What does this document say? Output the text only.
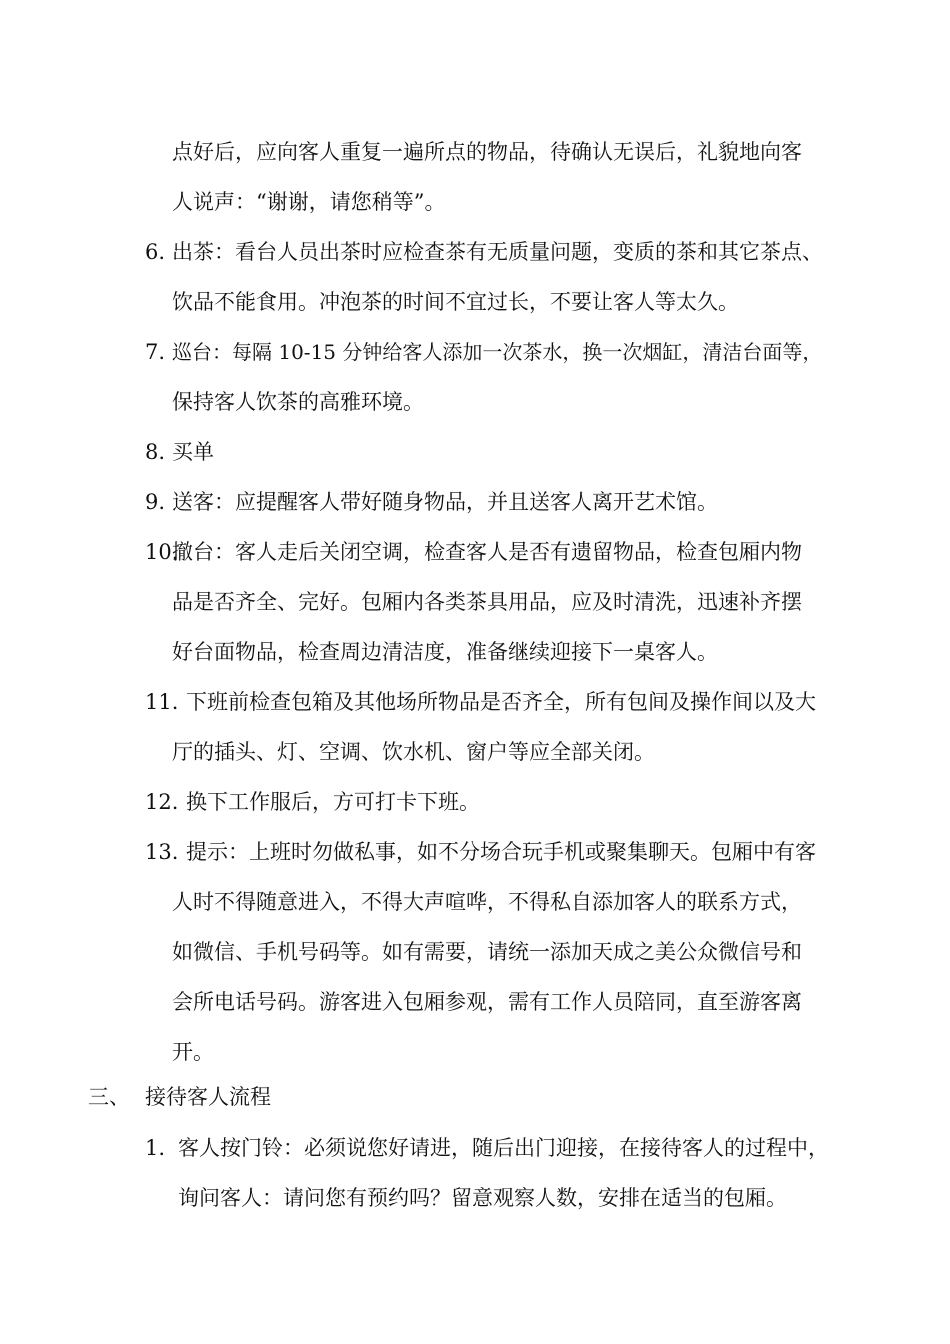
点好后，应向客人重复一遍所点的物品，待确认无误后，礼貌地向客
人说声：“谢谢，请您稍等”。
6. 出茶：看台人员出茶时应检查茶有无质量问题，变质的茶和其它茶点、
饮品不能食用。冲泡茶的时间不宜过长，不要让客人等太久。
7. 巡台：每隔 10-15 分钟给客人添加一次茶水，换一次烟缸，清洁台面等，
保持客人饮茶的高雅环境。
8. 买单
9. 送客：应提醒客人带好随身物品，并且送客人离开艺术馆。
10.
撤台：客人走后关闭空调，检查客人是否有遗留物品，检查包厢内物
品是否齐全、完好。包厢内各类茶具用品，应及时清洗，迅速补齐摆
好台面物品，检查周边清洁度，准备继续迎接下一桌客人。
11. 下班前检查包箱及其他场所物品是否齐全，所有包间及操作间以及大
厅的插头、灯、空调、饮水机、窗户等应全部关闭。
12. 换下工作服后，方可打卡下班。
13. 提示：上班时勿做私事，如不分场合玩手机或聚集聊天。包厢中有客
人时不得随意进入，不得大声喧哗，不得私自添加客人的联系方式，
如微信、手机号码等。如有需要，请统一添加天成之美公众微信号和
会所电话号码。游客进入包厢参观，需有工作人员陪同，直至游客离
开。
三、 接待客人流程
1. 客人按门铃：必须说您好请进，随后出门迎接，在接待客人的过程中，
询问客人：请问您有预约吗？留意观察人数，安排在适当的包厢。
